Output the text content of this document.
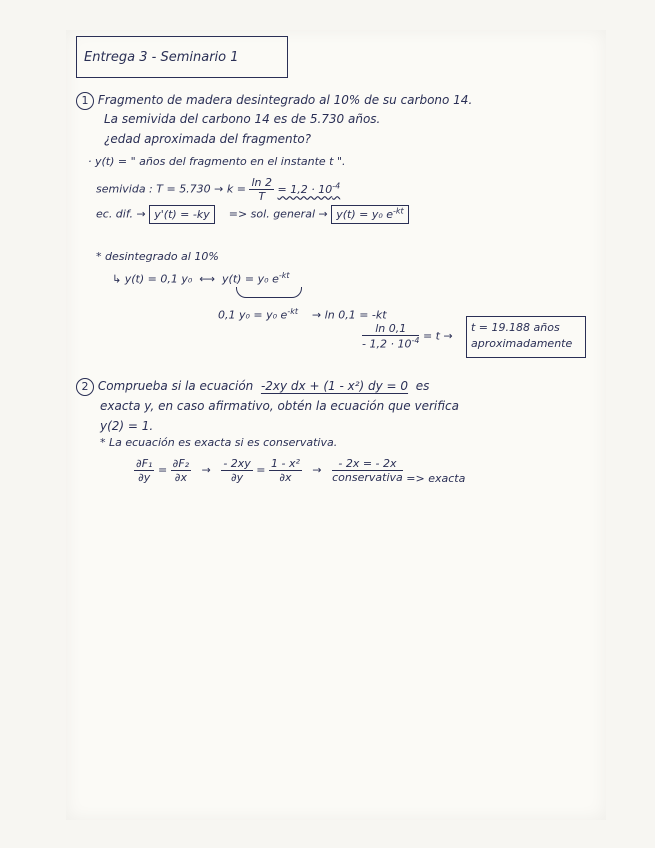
Entrega 3 - Seminario 1
1 Fragmento de madera desintegrado al 10% de su carbono 14.
La semivida del carbono 14 es de 5.730 años.
¿edad aproximada del fragmento?
· y(t) = " años del fragmento en el instante t ".
semivida : $T = 5.730 \to k = \frac{\ln 2}{T} = 1,2 \cdot 10^{-4}$
ec. dif. → y'(t) = -ky => sol. general → y(t) = y₀ $e^{-kt}$
* desintegrado al 10%
↳ y(t) = 0,1 y₀ ⟷ y(t) = y₀ $e^{-kt}$
0,1 y₀ = y₀ $e^{-kt} \to \ln 0,1 = -kt$
$\frac{\ln 0,1}{- 1,2 \cdot 10^{-4}} = t$ →
t = 19.188 años
aproximadamente
2 Comprueba si la ecuación -2xy dx + (1 - x²) dy = 0 es
exacta y, en caso afirmativo, obtén la ecuación que verifica
y(2) = 1.
* La ecuación es exacta si es conservativa.
$\frac{\text{∂F₁}}{\partial y} = \frac{\text{∂F₂}}{\partial x} \to \frac{- 2xy}{\partial y} = \frac{\text{1 - x²}}{\partial x} \to \frac{- 2x = - 2x}{\text{conservativa}}$ => exacta
